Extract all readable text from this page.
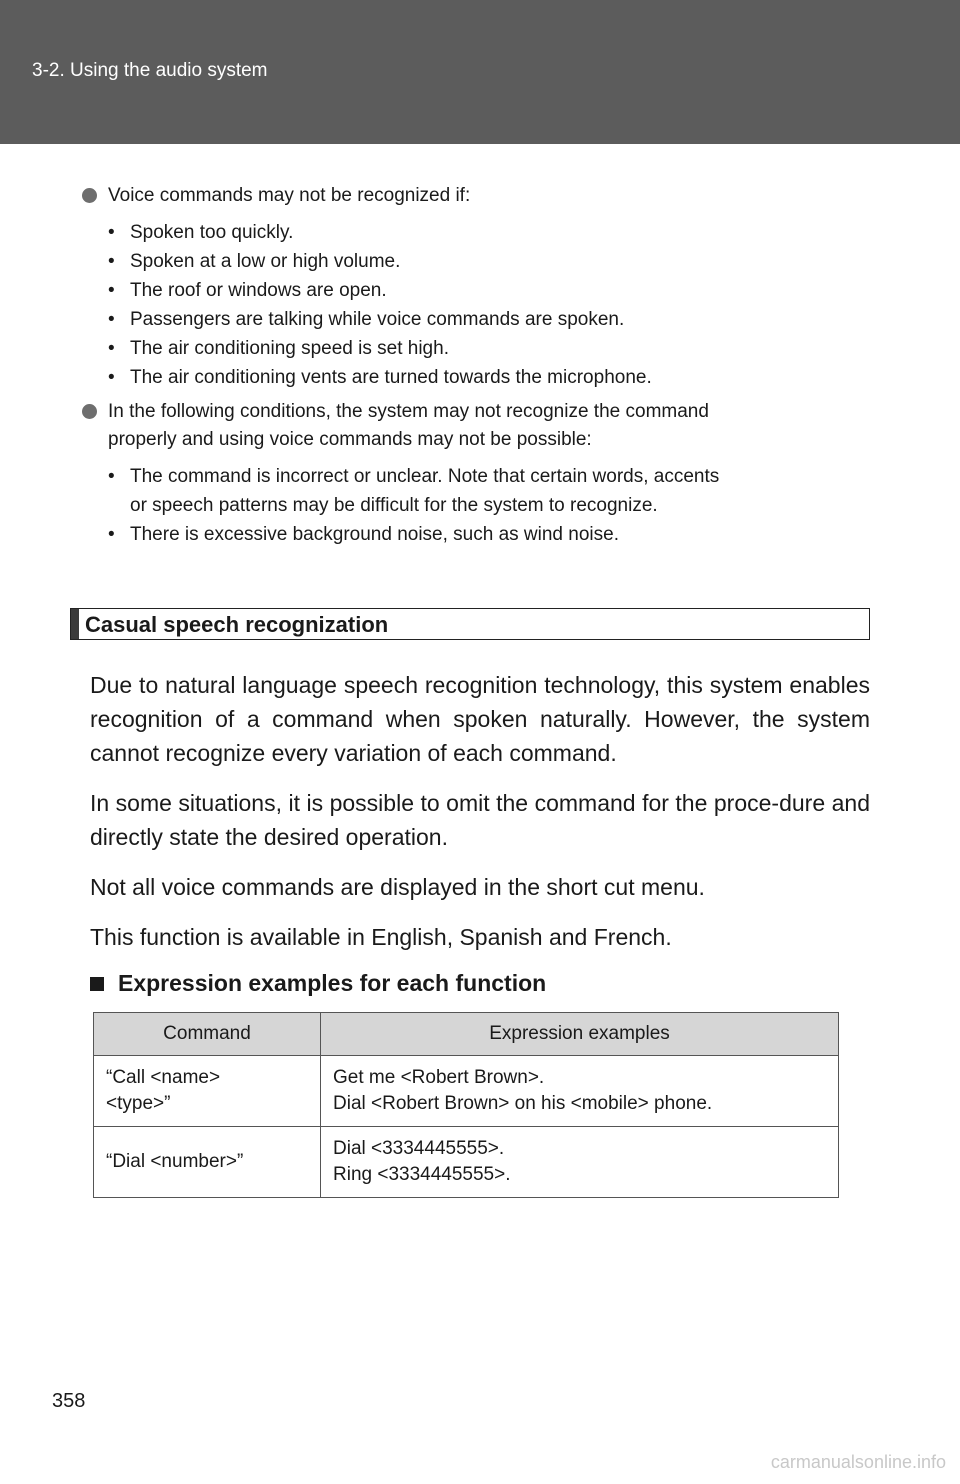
3-2. Using the audio system
Voice commands may not be recognized if:
• Spoken too quickly.
• Spoken at a low or high volume.
• The roof or windows are open.
• Passengers are talking while voice commands are spoken.
• The air conditioning speed is set high.
• The air conditioning vents are turned towards the microphone.
In the following conditions, the system may not recognize the command
properly and using voice commands may not be possible:
• The command is incorrect or unclear. Note that certain words, accents
or speech patterns may be difficult for the system to recognize.
• There is excessive background noise, such as wind noise.
Casual speech recognization

Due to natural language speech recognition technology, this system enables recognition of a command when spoken naturally. However, the system cannot recognize every variation of each command.

In some situations, it is possible to omit the command for the proce-dure and directly state the desired operation.

Not all voice commands are displayed in the short cut menu.

This function is available in English, Spanish and French.

Expression examples for each function
Command	Expression examples

“Call <name>
<type>”	Get me <Robert Brown>.
Dial <Robert Brown> on his <mobile> phone.

“Dial <number>”	Dial <3334445555>.
Ring <3334445555>.
358
carmanualsonline.info
